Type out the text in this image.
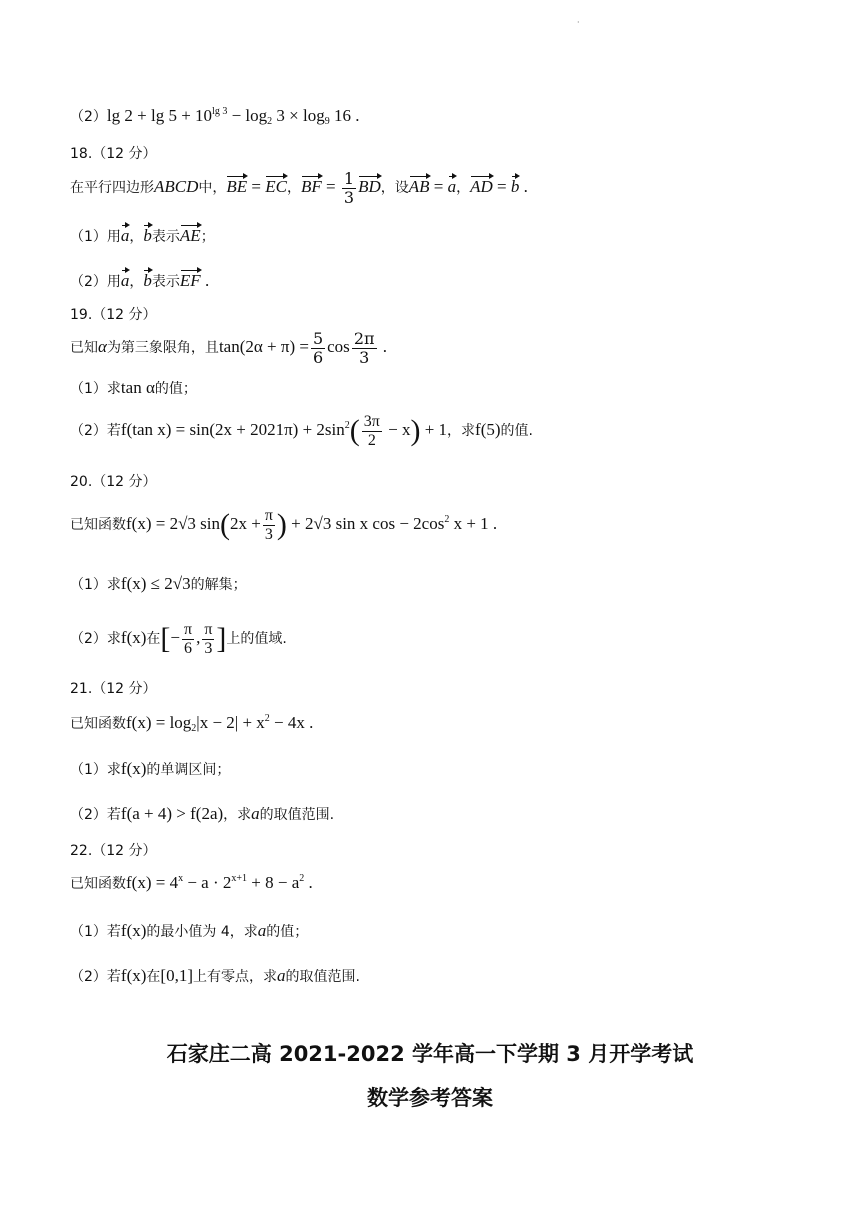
·
（2）lg $2 + \lg 5 + 10^{lg 3} - \log_2 3 \times \log_9 16$ .
18.（12 分）
在平行四边形ABCD中，BE = EC，BF = $\frac{1}{3}$ BD，设AB = a，AD = b .
（1）用a，b表示AE；
（2）用a，b表示EF .
19.（12 分）
已知α为第三象限角，且$\tan(2\alpha + \pi) = \frac{5}{6}$ $\cos \frac{2\pi}{3}$ .
（1）求tan α的值；
（2）若f(tan $x) = \sin(2x + 2021\pi) + 2\sin^2( \frac{3\pi}{2} - x) + 1$，求f(5)的值.
20.（12 分）
已知函数f(x) = 2√3 $\sin(2x + \frac{\pi}{3}$ ) + 2√3 sin x $\cos - 2\cos^2$ x + 1 .
（1）求f(x) ≤ 2√3的解集；
（2）求f(x)在[− $\frac{\pi}{6}$ , $\frac{\pi}{3}$ ]上的值域.
21.（12 分）
已知函数$f(x) = \log_2|x - 2| + x^2 - 4x$ .
（1）求f(x)的单调区间；
（2）若f(a + 4) > f(2a)，求a的取值范围.
22.（12 分）
已知函数$f(x) = 4^x - a \cdot 2^{x+1} + 8 - a^2$ .
（1）若f(x)的最小值为 4，求a的值；
（2）若f(x)在[0,1]上有零点，求a的取值范围.
石家庄二高 2021-2022 学年高一下学期 3 月开学考试
数学参考答案
